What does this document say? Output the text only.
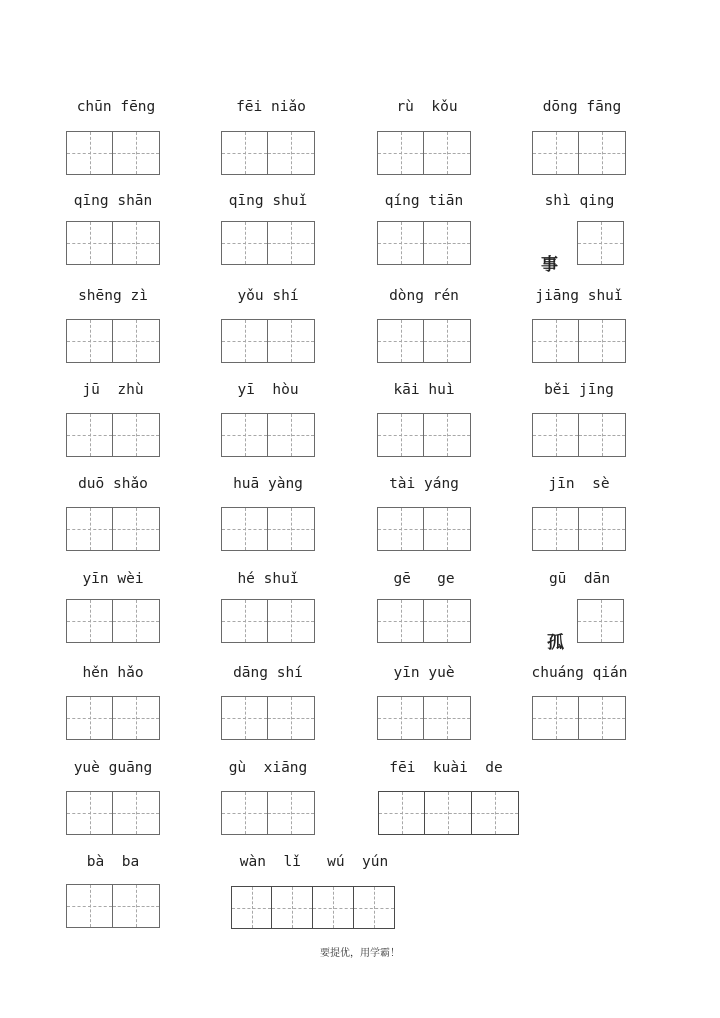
chūn fēng	fēi niǎo	rù  kǒu	dōng fāng
qīng shān	qīng shuǐ	qíng tiān	shì qing
事
shēng zì	yǒu shí	dòng rén	jiāng shuǐ
jū  zhù	yī  hòu	kāi huì	běi jīng
duō shǎo	huā yàng	tài yáng	jīn  sè
yīn wèi	hé shuǐ	gē   ge	gū  dān
孤
hěn hǎo	dāng shí	yīn yuè	chuáng qián
yuè guāng	gù  xiāng	fēi  kuài  de
bà  ba	wàn  lǐ   wú  yún
要提优，用学霸！
